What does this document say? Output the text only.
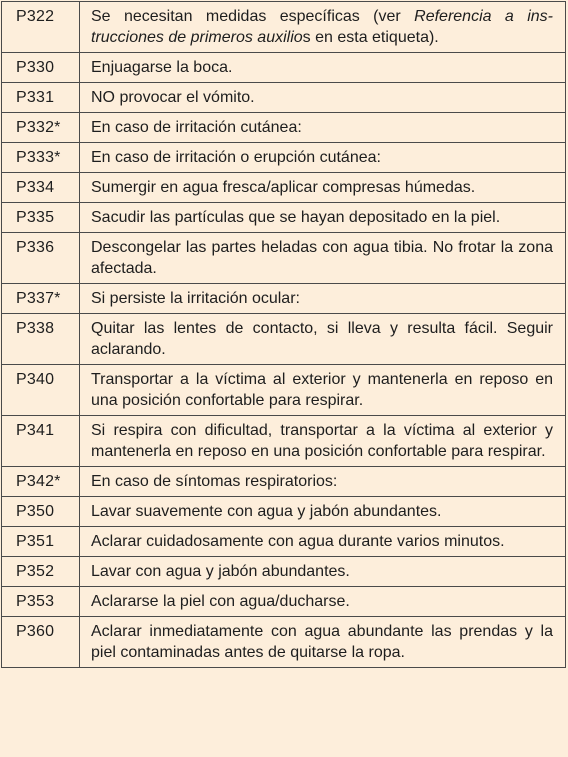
P322	Se necesitan medidas específicas (ver Referencia a instrucciones de primeros auxilios en esta etiqueta).
P330	Enjuagarse la boca.
P331	NO provocar el vómito.
P332*	En caso de irritación cutánea:
P333*	En caso de irritación o erupción cutánea:
P334	Sumergir en agua fresca/aplicar compresas húmedas.
P335	Sacudir las partículas que se hayan depositado en la piel.
P336	Descongelar las partes heladas con agua tibia. No frotar la zona afectada.
P337*	Si persiste la irritación ocular:
P338	Quitar las lentes de contacto, si lleva y resulta fácil. Seguir aclarando.
P340	Transportar a la víctima al exterior y mantenerla en reposo en una posición confortable para respirar.
P341	Si respira con dificultad, transportar a la víctima al exterior y mantenerla en reposo en una posición confortable para respirar.
P342*	En caso de síntomas respiratorios:
P350	Lavar suavemente con agua y jabón abundantes.
P351	Aclarar cuidadosamente con agua durante varios minutos.
P352	Lavar con agua y jabón abundantes.
P353	Aclararse la piel con agua/ducharse.
P360	Aclarar inmediatamente con agua abundante las prendas y la piel contaminadas antes de quitarse la ropa.
